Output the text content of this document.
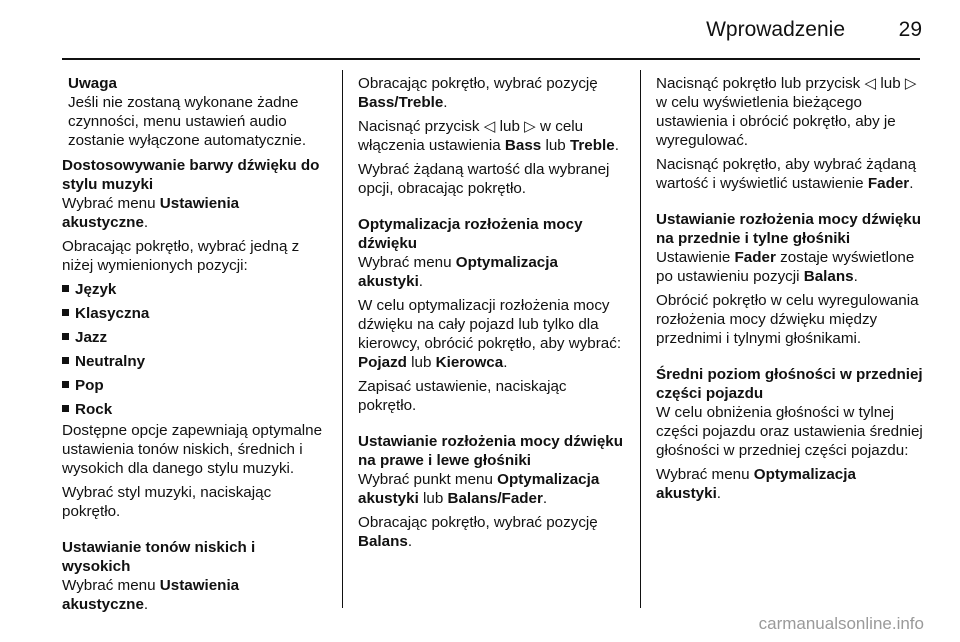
Wprowadzenie	29
Uwaga
Jeśli nie zostaną wykonane żadne czynności, menu ustawień audio zostanie wyłączone automatycznie.
Dostosowywanie barwy dźwięku do stylu muzyki
Wybrać menu Ustawienia akustyczne.
Obracając pokrętło, wybrać jedną z niżej wymienionych pozycji:
Język
Klasyczna
Jazz
Neutralny
Pop
Rock
Dostępne opcje zapewniają optymalne ustawienia tonów niskich, średnich i wysokich dla danego stylu muzyki.
Wybrać styl muzyki, naciskając pokrętło.
Ustawianie tonów niskich i wysokich
Wybrać menu Ustawienia akustyczne.
Obracając pokrętło, wybrać pozycję Bass/Treble.
Nacisnąć przycisk ◁ lub ▷ w celu włączenia ustawienia Bass lub Treble.
Wybrać żądaną wartość dla wybranej opcji, obracając pokrętło.
Optymalizacja rozłożenia mocy dźwięku
Wybrać menu Optymalizacja akustyki.
W celu optymalizacji rozłożenia mocy dźwięku na cały pojazd lub tylko dla kierowcy, obrócić pokrętło, aby wybrać: Pojazd lub Kierowca.
Zapisać ustawienie, naciskając pokrętło.
Ustawianie rozłożenia mocy dźwięku na prawe i lewe głośniki
Wybrać punkt menu Optymalizacja akustyki lub Balans/Fader.
Obracając pokrętło, wybrać pozycję Balans.
Nacisnąć pokrętło lub przycisk ◁ lub ▷ w celu wyświetlenia bieżącego ustawienia i obrócić pokrętło, aby je wyregulować.
Nacisnąć pokrętło, aby wybrać żądaną wartość i wyświetlić ustawienie Fader.
Ustawianie rozłożenia mocy dźwięku na przednie i tylne głośniki
Ustawienie Fader zostaje wyświetlone po ustawieniu pozycji Balans.
Obrócić pokrętło w celu wyregulowania rozłożenia mocy dźwięku między przednimi i tylnymi głośnikami.
Średni poziom głośności w przedniej części pojazdu
W celu obniżenia głośności w tylnej części pojazdu oraz ustawienia średniej głośności w przedniej części pojazdu:
Wybrać menu Optymalizacja akustyki.
carmanualsonline.info
